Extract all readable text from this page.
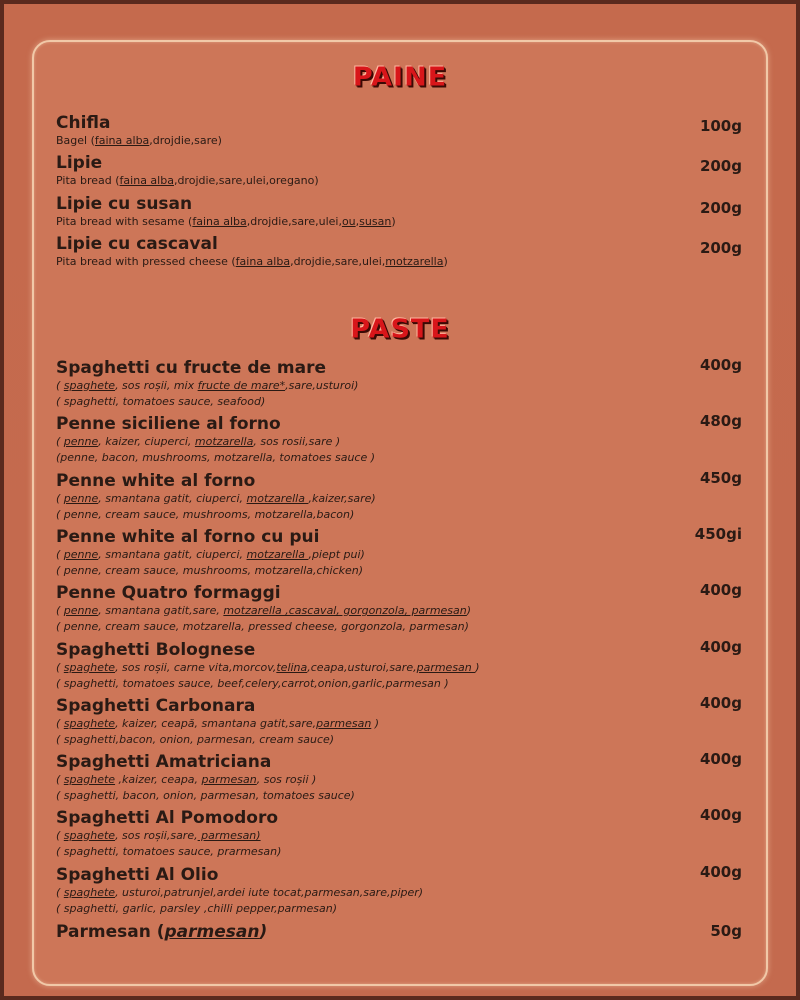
PAINE
Chifla
Bagel (faina alba,drojdie,sare)
100g
Lipie
Pita bread (faina alba,drojdie,sare,ulei,oregano)
200g
Lipie cu susan
Pita bread with sesame (faina alba,drojdie,sare,ulei,ou,susan)
200g
Lipie cu cascaval
Pita bread with pressed cheese (faina alba,drojdie,sare,ulei,motzarella)
200g
PASTE
Spaghetti cu fructe de mare
( spaghete, sos roșii, mix fructe de mare*,sare,usturoi)
( spaghetti, tomatoes sauce, seafood)
400g
Penne siciliene al forno
( penne, kaizer, ciuperci, motzarella, sos rosii,sare )
(penne, bacon, mushrooms, motzarella, tomatoes sauce )
480g
Penne white al forno
( penne, smantana gatit, ciuperci, motzarella ,kaizer,sare)
( penne, cream sauce, mushrooms, motzarella,bacon)
450g
Penne white al forno cu pui
( penne, smantana gatit, ciuperci, motzarella ,piept pui)
( penne, cream sauce, mushrooms, motzarella,chicken)
450gi
Penne Quatro formaggi
( penne, smantana gatit,sare, motzarella ,cascaval, gorgonzola, parmesan)
( penne, cream sauce, motzarella, pressed cheese, gorgonzola, parmesan)
400g
Spaghetti Bolognese
( spaghete, sos roșii, carne vita,morcov,telina,ceapa,usturoi,sare,parmesan )
( spaghetti, tomatoes sauce, beef,celery,carrot,onion,garlic,parmesan )
400g
Spaghetti Carbonara
( spaghete, kaizer, ceapă, smantana gatit,sare,parmesan )
( spaghetti,bacon, onion, parmesan, cream sauce)
400g
Spaghetti Amatriciana
( spaghete ,kaizer, ceapa, parmesan, sos roșii )
( spaghetti, bacon, onion, parmesan, tomatoes sauce)
400g
Spaghetti Al Pomodoro
( spaghete, sos roșii,sare, parmesan)
( spaghetti, tomatoes sauce, prarmesan)
400g
Spaghetti Al Olio
( spaghete, usturoi,patrunjel,ardei iute tocat,parmesan,sare,piper)
( spaghetti, garlic, parsley ,chilli pepper,parmesan)
400g
Parmesan (parmesan)	50g
